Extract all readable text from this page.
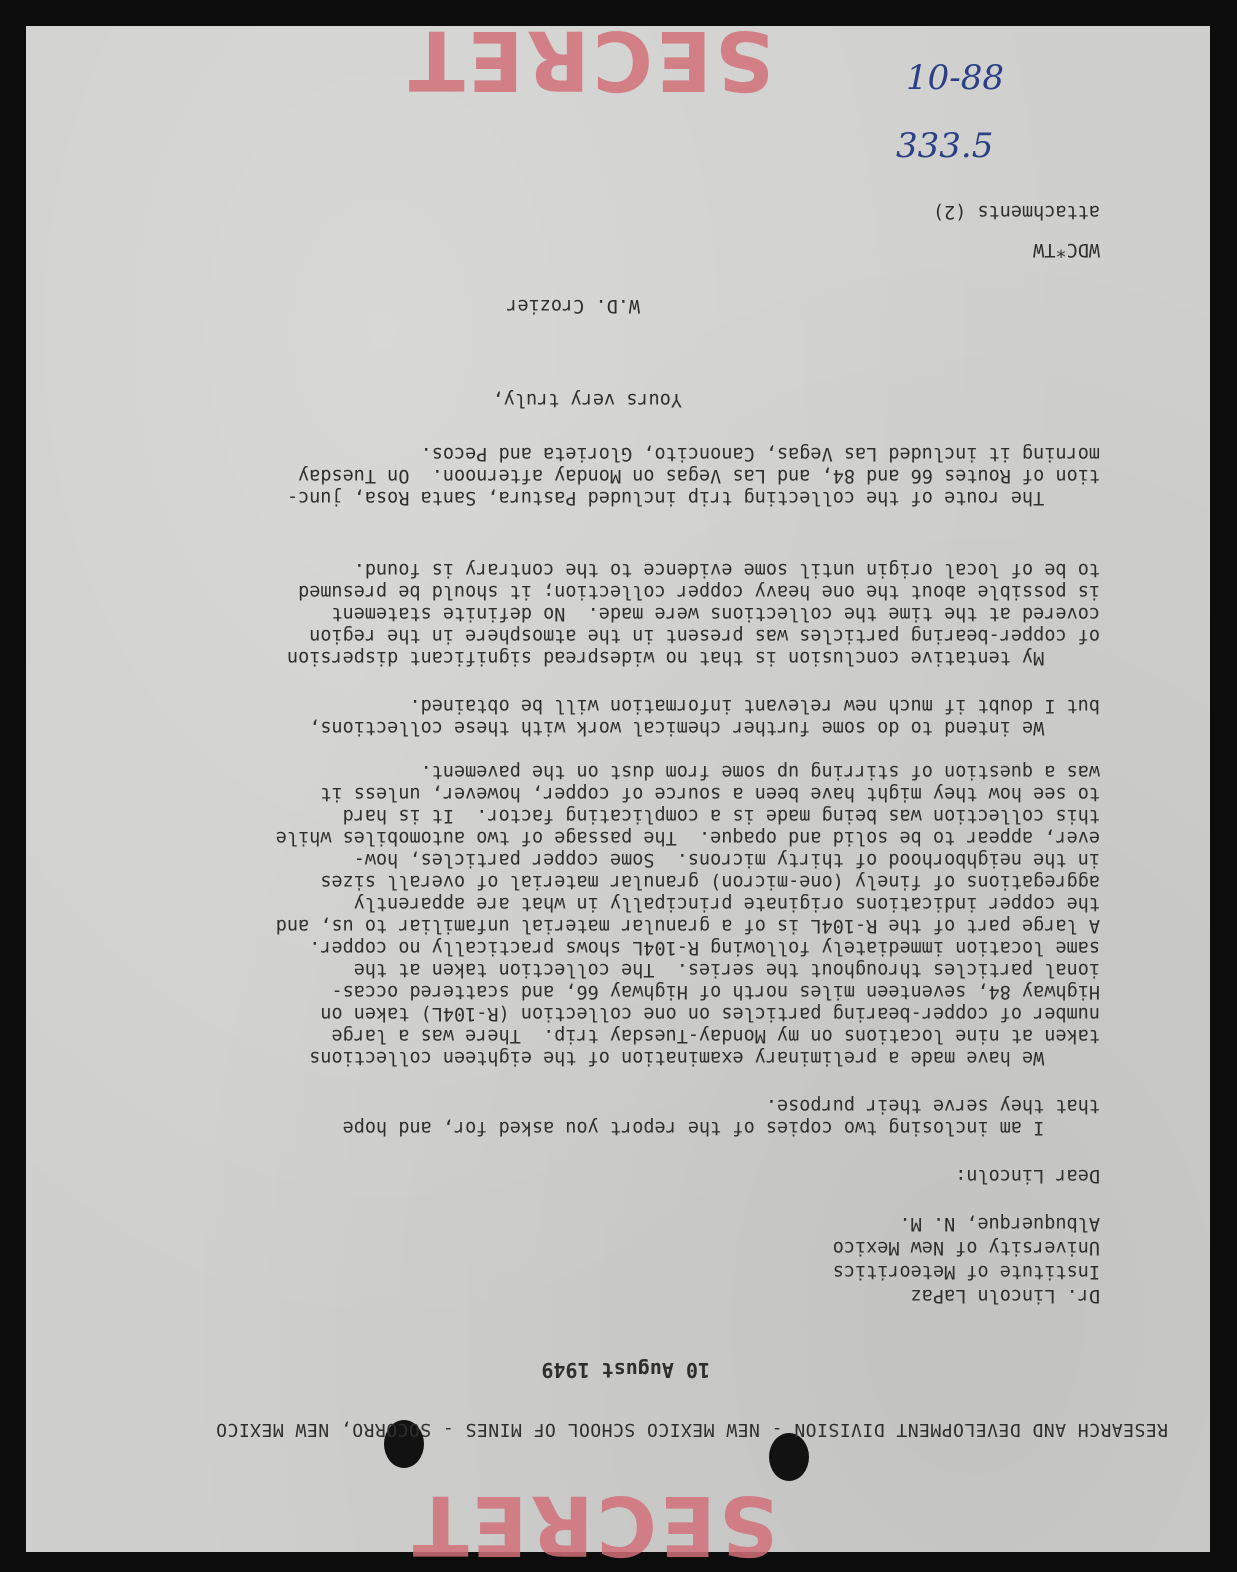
SECRET
RESEARCH AND DEVELOPMENT DIVISION - NEW MEXICO SCHOOL OF MINES - SOCORRO, NEW MEXICO
10 August 1949
Dr. Lincoln LaPaz
Institute of Meteoritics
University of New Mexico
Albuquerque, N. M.
Dear Lincoln:
I am inclosing two copies of the report you asked for, and hope
that they serve their purpose.
We have made a preliminary examination of the eighteen collections
taken at nine locations on my Monday-Tuesday trip.  There was a large
number of copper-bearing particles on one collection (R-104L) taken on
Highway 84, seventeen miles north of Highway 66, and scattered occas-
ional particles throughout the series.  The collection taken at the
same location immediately following R-104L shows practically no copper.
A large part of the R-104L is of a granular material unfamiliar to us, and
the copper indications originate principally in what are apparently
aggregations of finely (one-micron) granular material of overall sizes
in the neighborhood of thirty microns.  Some copper particles, how-
ever, appear to be solid and opaque.  The passage of two automobiles while
this collection was being made is a complicating factor.  It is hard
to see how they might have been a source of copper, however, unless it
was a question of stirring up some from dust on the pavement.
We intend to do some further chemical work with these collections,
but I doubt if much new relevant information will be obtained.
My tentative conclusion is that no widespread significant dispersion
of copper-bearing particles was present in the atmosphere in the region
covered at the time the collections were made.  No definite statement
is possible about the one heavy copper collection; it should be presumed
to be of local origin until some evidence to the contrary is found.
The route of the collecting trip included Pastura, Santa Rosa, junc-
tion of Routes 66 and 84, and Las Vegas on Monday afternoon.  On Tuesday
morning it included Las Vegas, Canoncito, Glorieta and Pecos.
Yours very truly,
W.D. Crozier
WDC*TW
attachments (2)
SECRET
333.5
10-88
